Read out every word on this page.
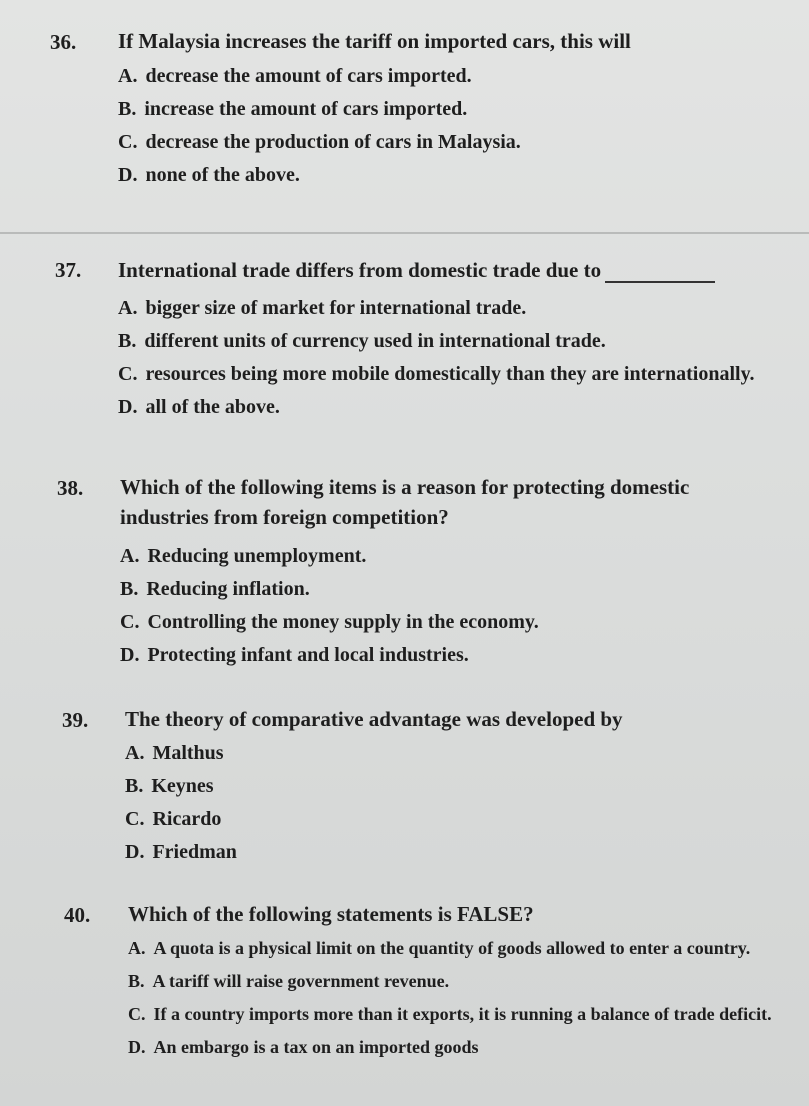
36. If Malaysia increases the tariff on imported cars, this will
A. decrease the amount of cars imported.
B. increase the amount of cars imported.
C. decrease the production of cars in Malaysia.
D. none of the above.
37. International trade differs from domestic trade due to
A. bigger size of market for international trade.
B. different units of currency used in international trade.
C. resources being more mobile domestically than they are internationally.
D. all of the above.
38. Which of the following items is a reason for protecting domestic industries from foreign competition?
A. Reducing unemployment.
B. Reducing inflation.
C. Controlling the money supply in the economy.
D. Protecting infant and local industries.
39. The theory of comparative advantage was developed by
A. Malthus
B. Keynes
C. Ricardo
D. Friedman
40. Which of the following statements is FALSE?
A. A quota is a physical limit on the quantity of goods allowed to enter a country.
B. A tariff will raise government revenue.
C. If a country imports more than it exports, it is running a balance of trade deficit.
D. An embargo is a tax on an imported goods
